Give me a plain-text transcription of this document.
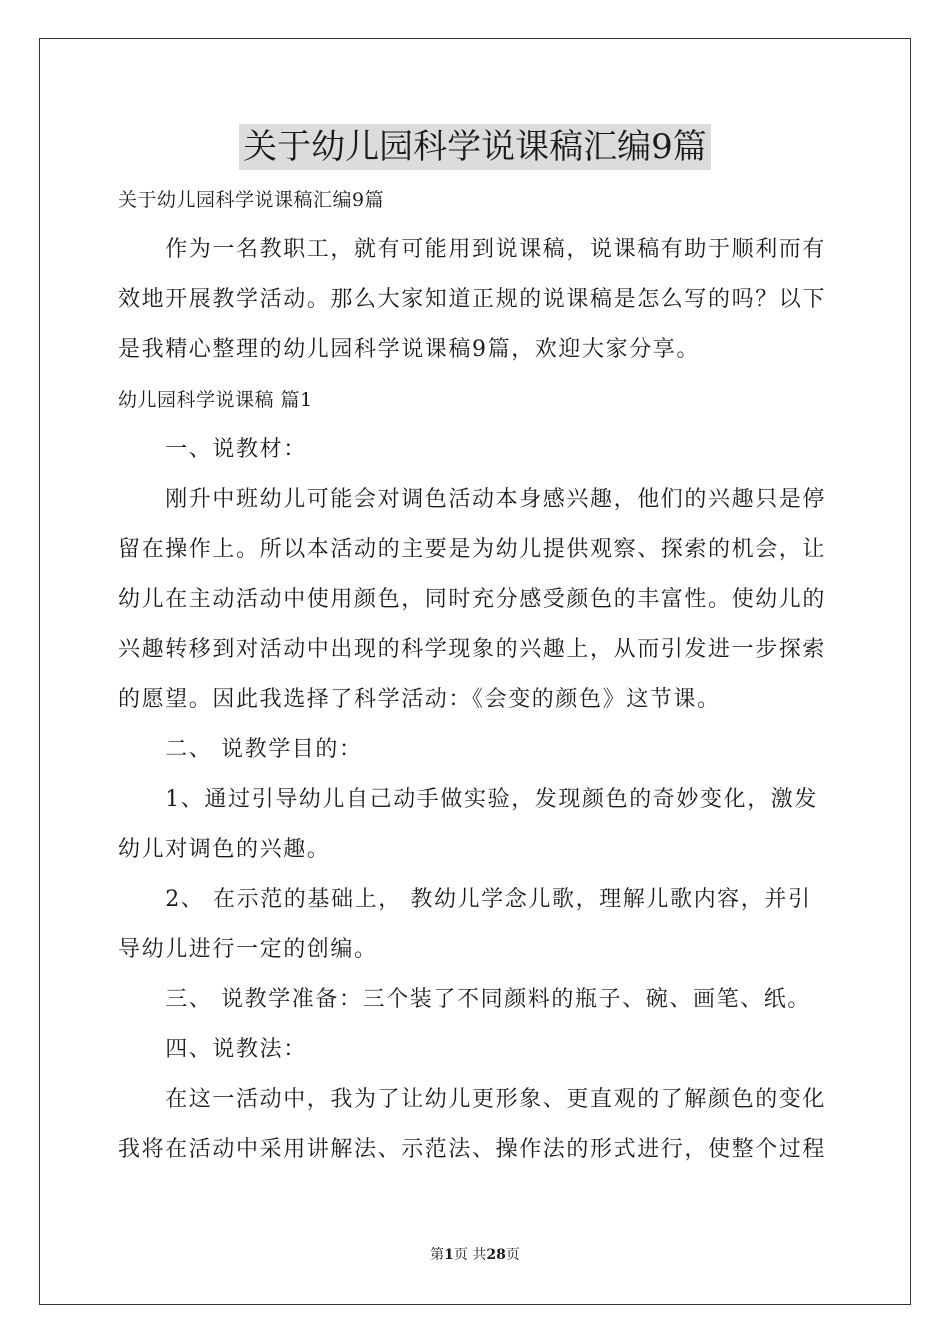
关于幼儿园科学说课稿汇编9篇
关于幼儿园科学说课稿汇编9篇
　　作为一名教职工，就有可能用到说课稿，说课稿有助于顺利而有
效地开展教学活动。那么大家知道正规的说课稿是怎么写的吗？以下
是我精心整理的幼儿园科学说课稿9篇，欢迎大家分享。
幼儿园科学说课稿 篇1
　　一、说教材：
　　刚升中班幼儿可能会对调色活动本身感兴趣，他们的兴趣只是停
留在操作上。所以本活动的主要是为幼儿提供观察、探索的机会，让
幼儿在主动活动中使用颜色，同时充分感受颜色的丰富性。使幼儿的
兴趣转移到对活动中出现的科学现象的兴趣上，从而引发进一步探索
的愿望。因此我选择了科学活动：《会变的颜色》这节课。
　　二、 说教学目的：
　　1、通过引导幼儿自己动手做实验，发现颜色的奇妙变化，激发
幼儿对调色的兴趣。
　　2、 在示范的基础上， 教幼儿学念儿歌，理解儿歌内容，并引
导幼儿进行一定的创编。
　　三、 说教学准备：三个装了不同颜料的瓶子、碗、画笔、纸。
　　四、说教法：
　　在这一活动中，我为了让幼儿更形象、更直观的了解颜色的变化
我将在活动中采用讲解法、示范法、操作法的形式进行，使整个过程
第1页 共28页
